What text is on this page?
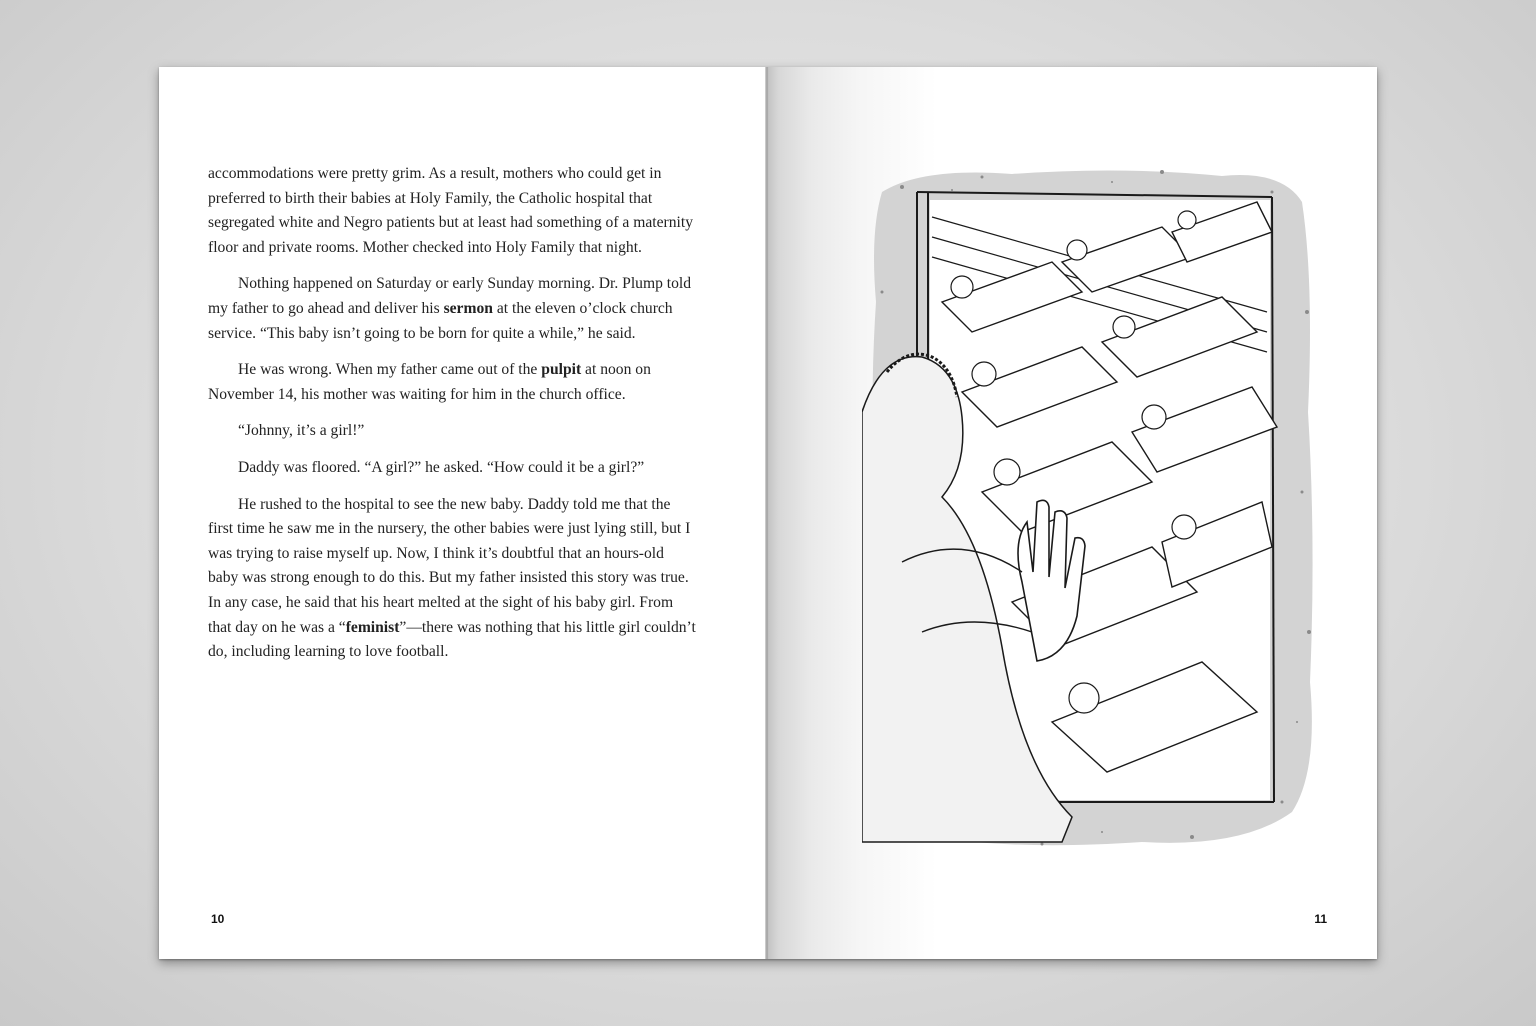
accommodations were pretty grim. As a result, mothers who could get in preferred to birth their babies at Holy Family, the Catholic hospital that segregated white and Negro patients but at least had something of a maternity floor and private rooms. Mother checked into Holy Family that night.

Nothing happened on Saturday or early Sunday morning. Dr. Plump told my father to go ahead and deliver his sermon at the eleven o’clock church service. “This baby isn’t going to be born for quite a while,” he said.

He was wrong. When my father came out of the pulpit at noon on November 14, his mother was waiting for him in the church office.

“Johnny, it’s a girl!”

Daddy was floored. “A girl?” he asked. “How could it be a girl?”

He rushed to the hospital to see the new baby. Daddy told me that the first time he saw me in the nursery, the other babies were just lying still, but I was trying to raise myself up. Now, I think it’s doubtful that an hours-old baby was strong enough to do this. But my father insisted this story was true. In any case, he said that his heart melted at the sight of his baby girl. From that day on he was a “feminist”—there was nothing that his little girl couldn’t do, including learning to love football.

10	11
